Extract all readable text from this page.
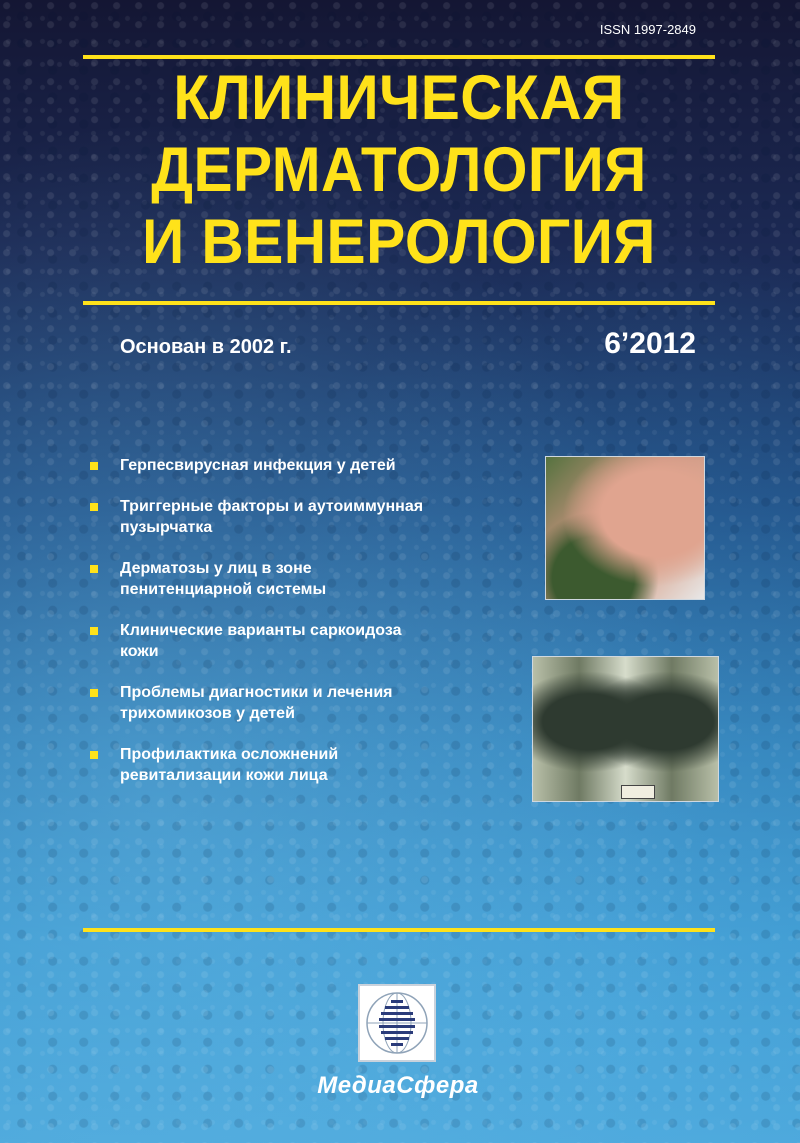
ISSN 1997-2849
КЛИНИЧЕСКАЯ
ДЕРМАТОЛОГИЯ
И ВЕНЕРОЛОГИЯ
Основан в 2002 г.	6’2012
Герпесвирусная инфекция у детей
Триггерные факторы и аутоиммунная
пузырчатка
Дерматозы у лиц в зоне
пенитенциарной системы
Клинические варианты саркоидоза
кожи
Проблемы диагностики и лечения
трихомикозов у детей
Профилактика осложнений
ревитализации кожи лица
МедиаСфера
